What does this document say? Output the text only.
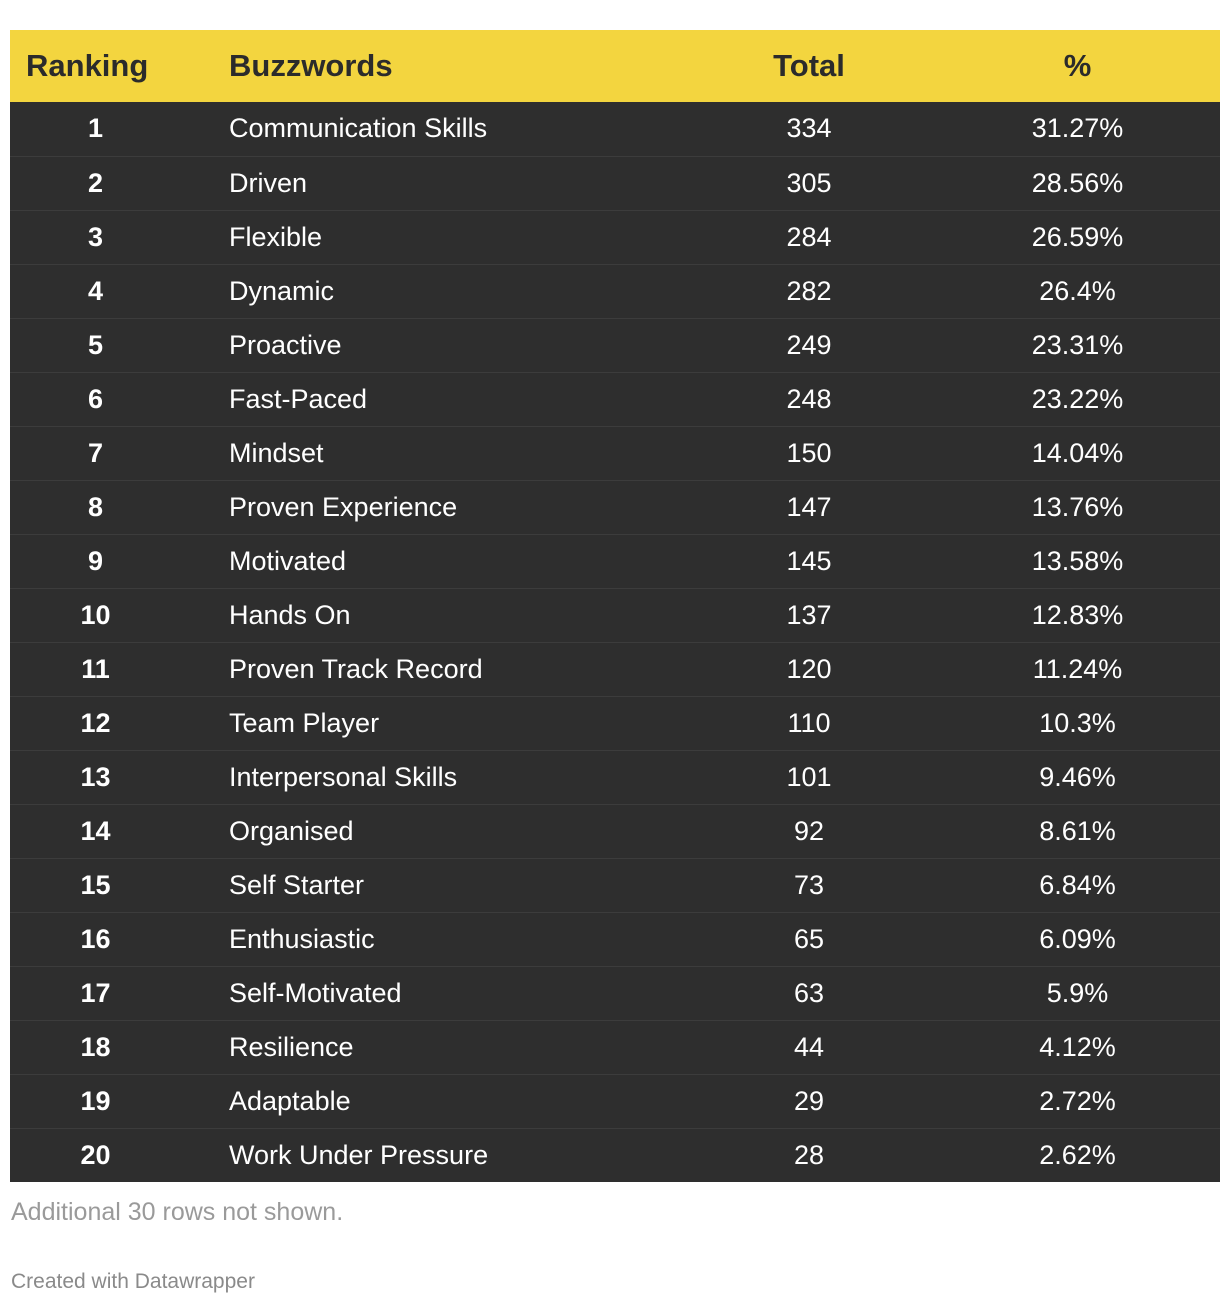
Ranking	Buzzwords	Total	%
1	Communication Skills	334	31.27%
2	Driven	305	28.56%
3	Flexible	284	26.59%
4	Dynamic	282	26.4%
5	Proactive	249	23.31%
6	Fast-Paced	248	23.22%
7	Mindset	150	14.04%
8	Proven Experience	147	13.76%
9	Motivated	145	13.58%
10	Hands On	137	12.83%
11	Proven Track Record	120	11.24%
12	Team Player	110	10.3%
13	Interpersonal Skills	101	9.46%
14	Organised	92	8.61%
15	Self Starter	73	6.84%
16	Enthusiastic	65	6.09%
17	Self-Motivated	63	5.9%
18	Resilience	44	4.12%
19	Adaptable	29	2.72%
20	Work Under Pressure	28	2.62%
Additional 30 rows not shown.
Created with Datawrapper
